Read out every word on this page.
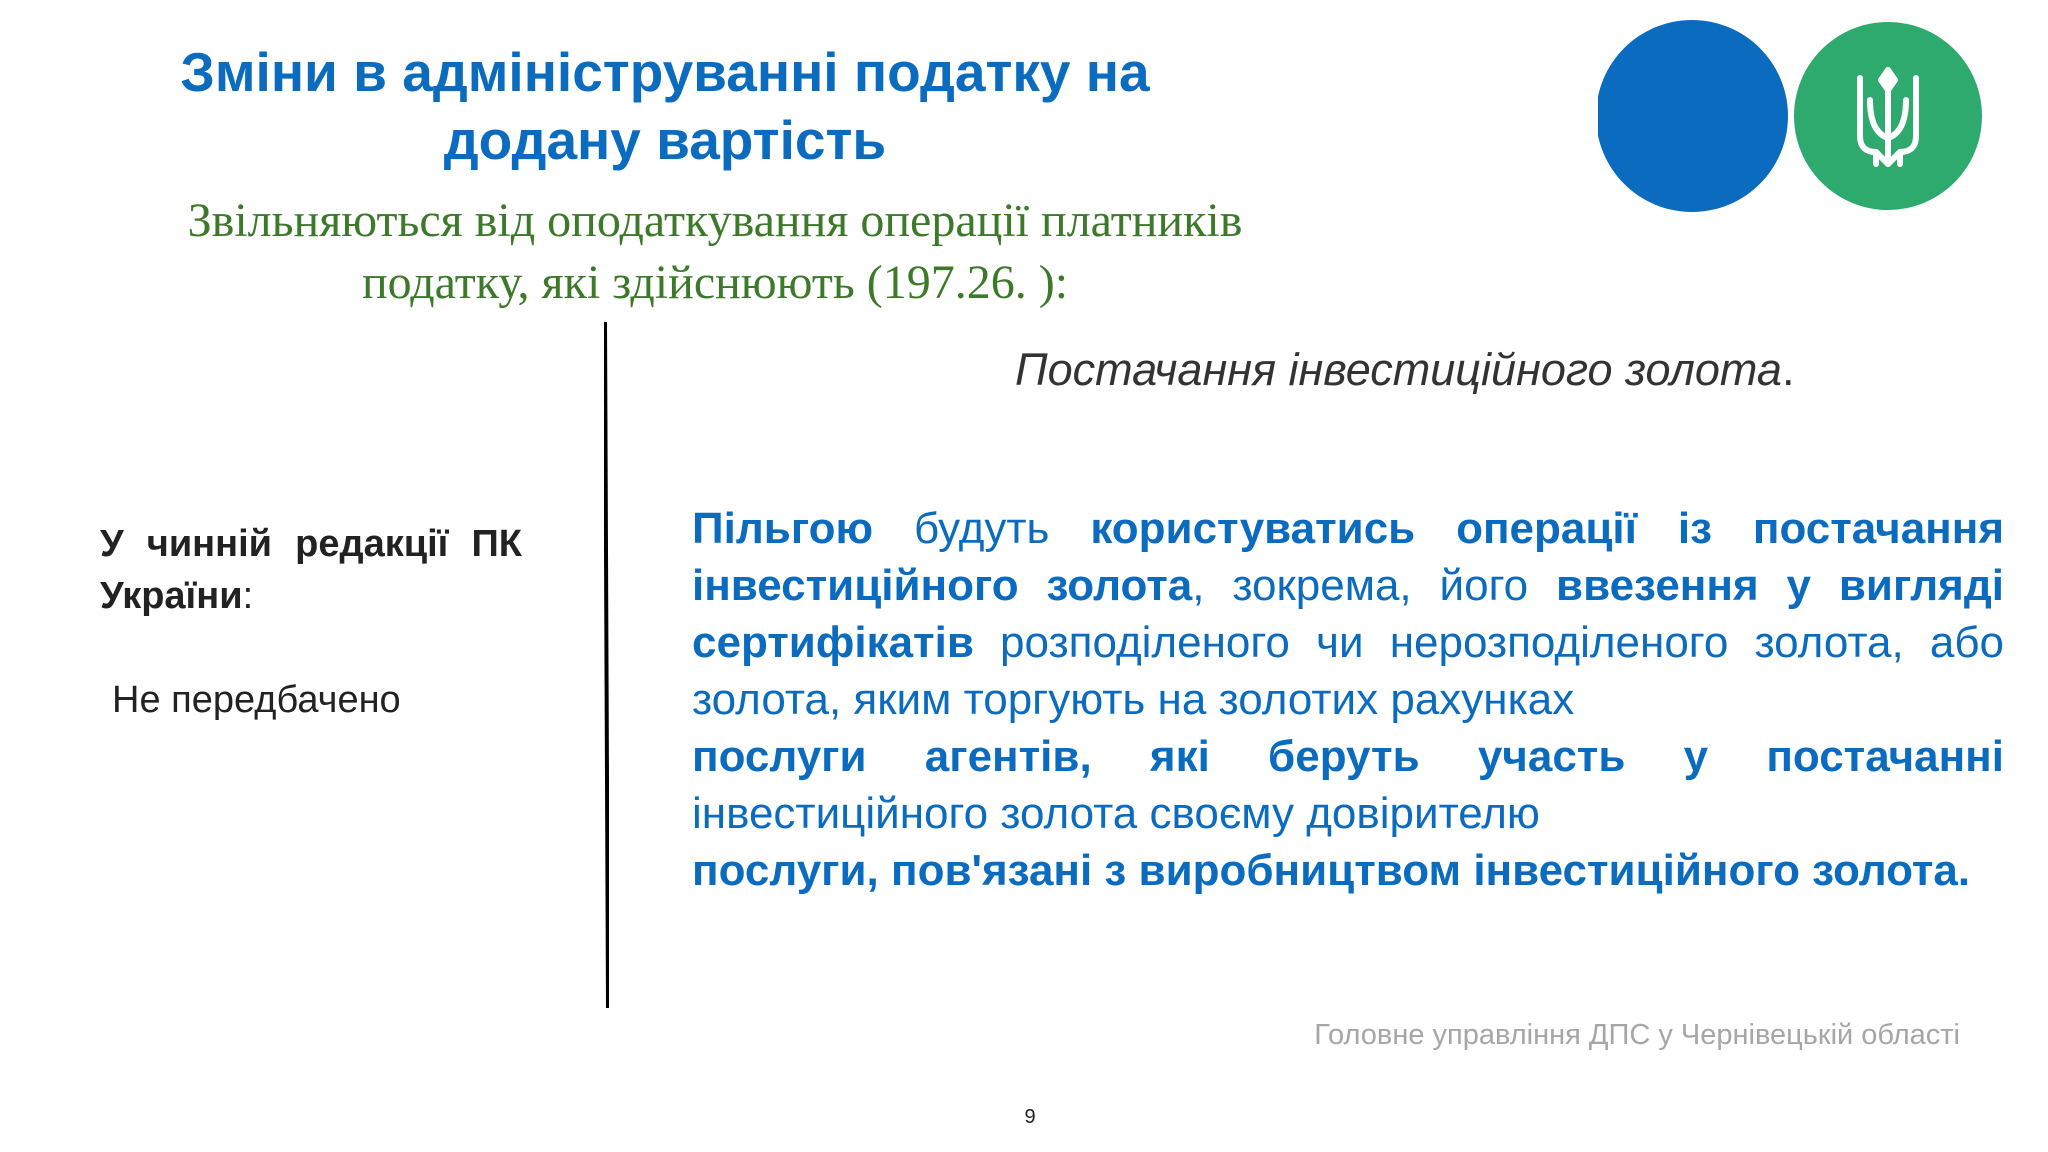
Зміни в адмініструванні податку на
додану вартість
Звільняються від оподаткування операції платників
податку, які здійснюють (197.26. ):
У чинній редакції ПК України:
Не передбачено
Постачання інвестиційного золота.

Пільгою будуть користуватись операції із постачання інвестиційного золота, зокрема, його ввезення у вигляді сертифікатів розподіленого чи нерозподіленого золота, або золота, яким торгують на золотих рахунках

послуги агентів, які беруть участь у постачанні інвестиційного золота своєму довірителю

послуги, пов'язані з виробництвом інвестиційного золота.

Головне управління ДПС у Чернівецькій області
9
